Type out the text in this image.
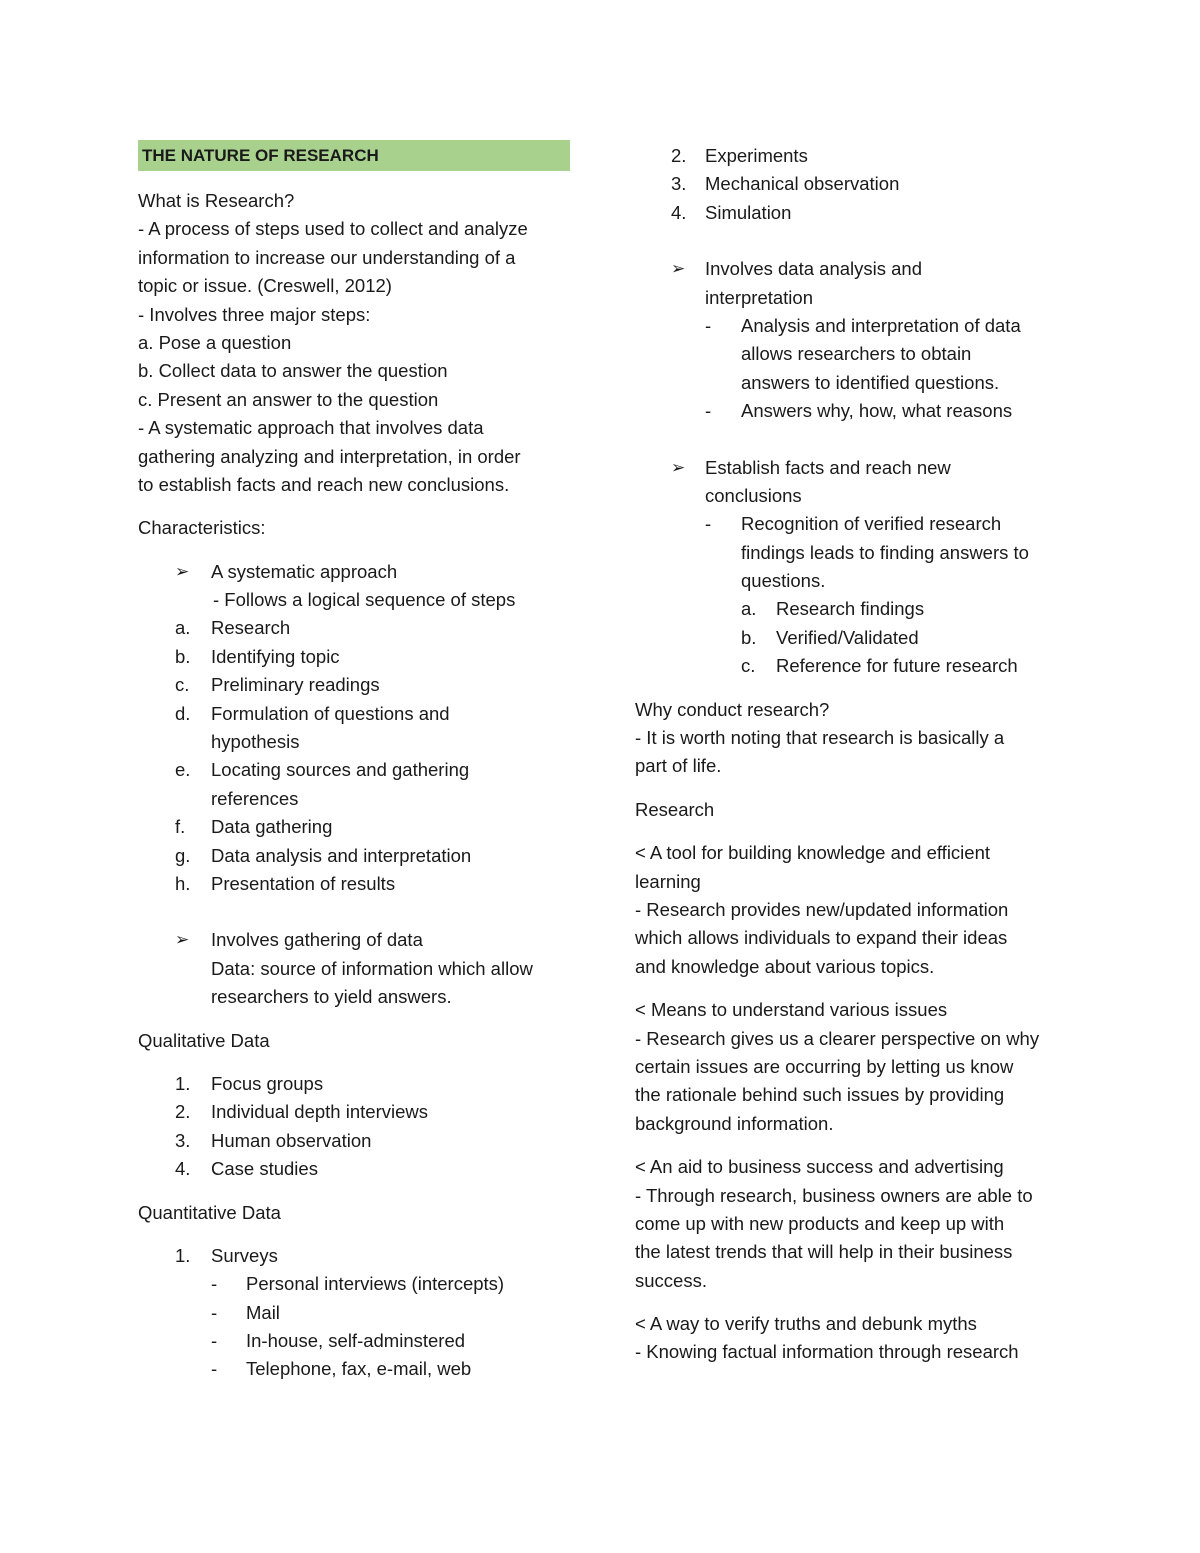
THE NATURE OF RESEARCH
What is Research?
- A process of steps used to collect and analyze
information to increase our understanding of a
topic or issue. (Creswell, 2012)
- Involves three major steps:
a. Pose a question
b. Collect data to answer the question
c. Present an answer to the question
- A systematic approach that involves data
gathering analyzing and interpretation, in order
to establish facts and reach new conclusions.
Characteristics:
➢ A systematic approach
- Follows a logical sequence of steps
a. Research
b. Identifying topic
c. Preliminary readings
d. Formulation of questions and
hypothesis
e. Locating sources and gathering
references
f. Data gathering
g. Data analysis and interpretation
h. Presentation of results
➢ Involves gathering of data
Data: source of information which allow
researchers to yield answers.
Qualitative Data
1. Focus groups
2. Individual depth interviews
3. Human observation
4. Case studies
Quantitative Data
1. Surveys
- Personal interviews (intercepts)
- Mail
- In-house, self-adminstered
- Telephone, fax, e-mail, web
2. Experiments
3. Mechanical observation
4. Simulation
➢ Involves data analysis and
interpretation
- Analysis and interpretation of data
allows researchers to obtain
answers to identified questions.
- Answers why, how, what reasons
➢ Establish facts and reach new
conclusions
- Recognition of verified research
findings leads to finding answers to
questions.
a. Research findings
b. Verified/Validated
c. Reference for future research
Why conduct research?
- It is worth noting that research is basically a
part of life.
Research
< A tool for building knowledge and efficient
learning
- Research provides new/updated information
which allows individuals to expand their ideas
and knowledge about various topics.
< Means to understand various issues
- Research gives us a clearer perspective on why
certain issues are occurring by letting us know
the rationale behind such issues by providing
background information.
< An aid to business success and advertising
- Through research, business owners are able to
come up with new products and keep up with
the latest trends that will help in their business
success.
< A way to verify truths and debunk myths
- Knowing factual information through research
